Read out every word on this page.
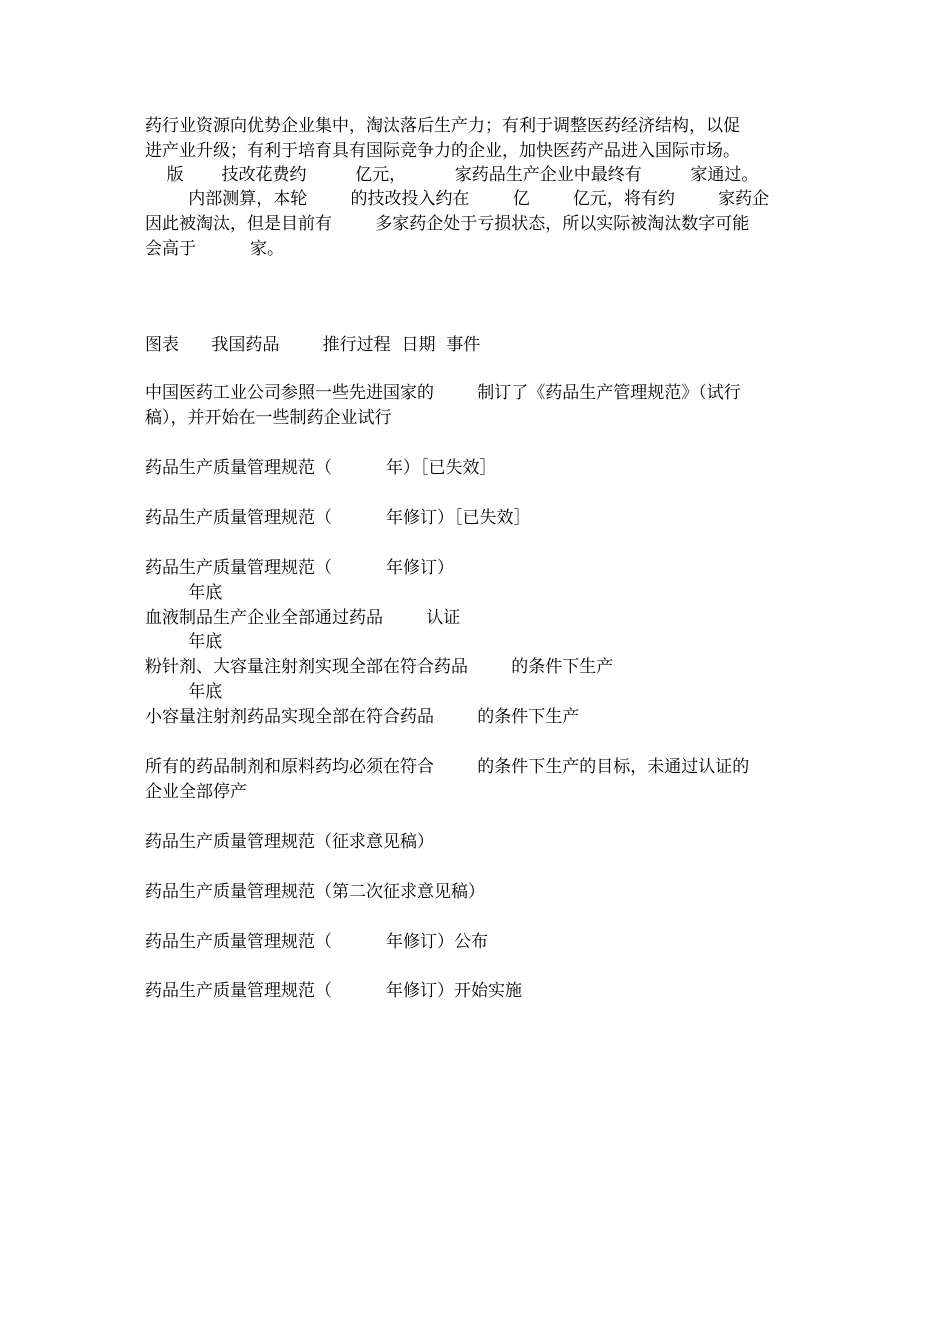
药行业资源向优势企业集中，淘汰落后生产力；有利于调整医药经济结构，以促

进产业升级；有利于培育具有国际竞争力的企业，加快医药产品进入国际市场。

版       技改花费约         亿元，         家药品生产企业中最终有         家通过。

内部测算，本轮        的技改投入约在        亿        亿元，将有约        家药企

因此被淘汰，但是目前有        多家药企处于亏损状态，所以实际被淘汰数字可能

会高于          家。

图表      我国药品        推行过程  日期  事件

中国医药工业公司参照一些先进国家的        制订了《药品生产管理规范》（试行

稿），并开始在一些制药企业试行

药品生产质量管理规范（          年）［已失效］

药品生产质量管理规范（          年修订）［已失效］

药品生产质量管理规范（          年修订）

年底

血液制品生产企业全部通过药品        认证

年底

粉针剂、大容量注射剂实现全部在符合药品        的条件下生产

年底

小容量注射剂药品实现全部在符合药品        的条件下生产

所有的药品制剂和原料药均必须在符合        的条件下生产的目标，未通过认证的

企业全部停产

药品生产质量管理规范（征求意见稿）

药品生产质量管理规范（第二次征求意见稿）

药品生产质量管理规范（          年修订）公布

药品生产质量管理规范（          年修订）开始实施
